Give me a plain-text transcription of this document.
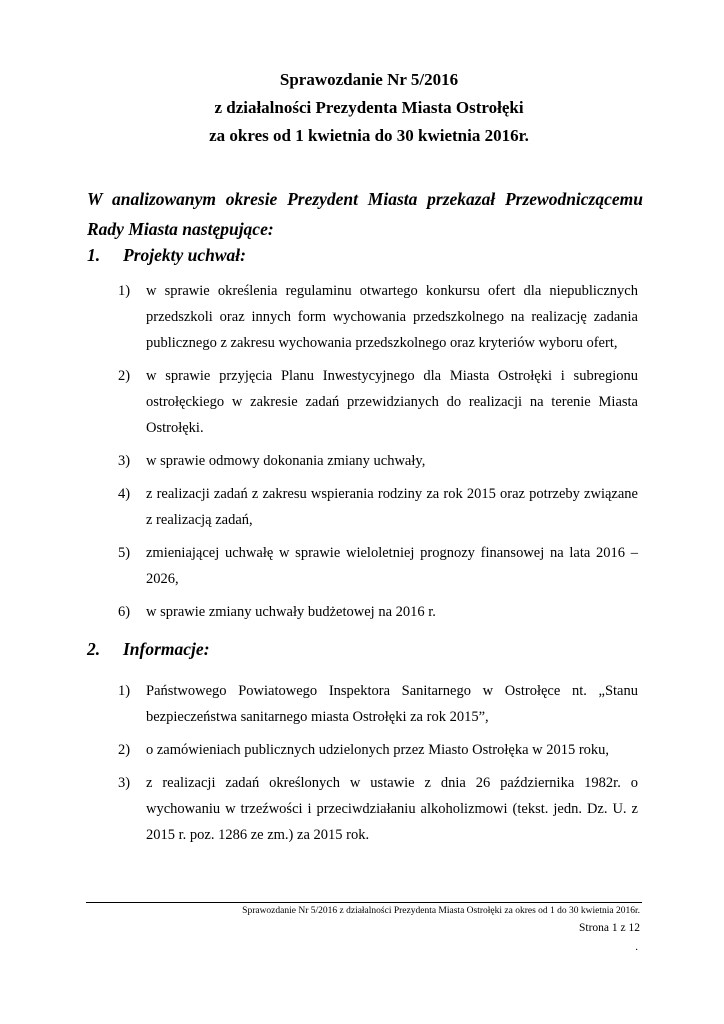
Sprawozdanie Nr 5/2016
z działalności Prezydenta Miasta Ostrołęki
za okres od 1 kwietnia do 30 kwietnia 2016r.
W analizowanym okresie Prezydent Miasta przekazał Przewodniczącemu Rady Miasta następujące:
1. Projekty uchwał:
1) w sprawie określenia regulaminu otwartego konkursu ofert dla niepublicznych przedszkoli oraz innych form wychowania przedszkolnego na realizację zadania publicznego z zakresu wychowania przedszkolnego oraz kryteriów wyboru ofert,
2) w sprawie przyjęcia Planu Inwestycyjnego dla Miasta Ostrołęki i subregionu ostrołęckiego w zakresie zadań przewidzianych do realizacji na terenie Miasta Ostrołęki.
3) w sprawie odmowy dokonania zmiany uchwały,
4) z realizacji zadań z zakresu wspierania rodziny za rok 2015 oraz potrzeby związane z realizacją zadań,
5) zmieniającej uchwałę w sprawie wieloletniej prognozy finansowej na lata 2016 – 2026,
6) w sprawie zmiany uchwały budżetowej na 2016 r.
2. Informacje:
1) Państwowego Powiatowego Inspektora Sanitarnego w Ostrołęce nt. „Stanu bezpieczeństwa sanitarnego miasta Ostrołęki za rok 2015”,
2) o zamówieniach publicznych udzielonych przez Miasto Ostrołęka w 2015 roku,
3) z realizacji zadań określonych w ustawie z dnia 26 października 1982r. o wychowaniu w trzeźwości i przeciwdziałaniu alkoholizmowi (tekst. jedn. Dz. U. z 2015 r. poz. 1286 ze zm.) za 2015 rok.
Sprawozdanie Nr 5/2016 z działalności Prezydenta Miasta Ostrołęki za okres od 1 do 30 kwietnia 2016r.
Strona 1 z 12
.
